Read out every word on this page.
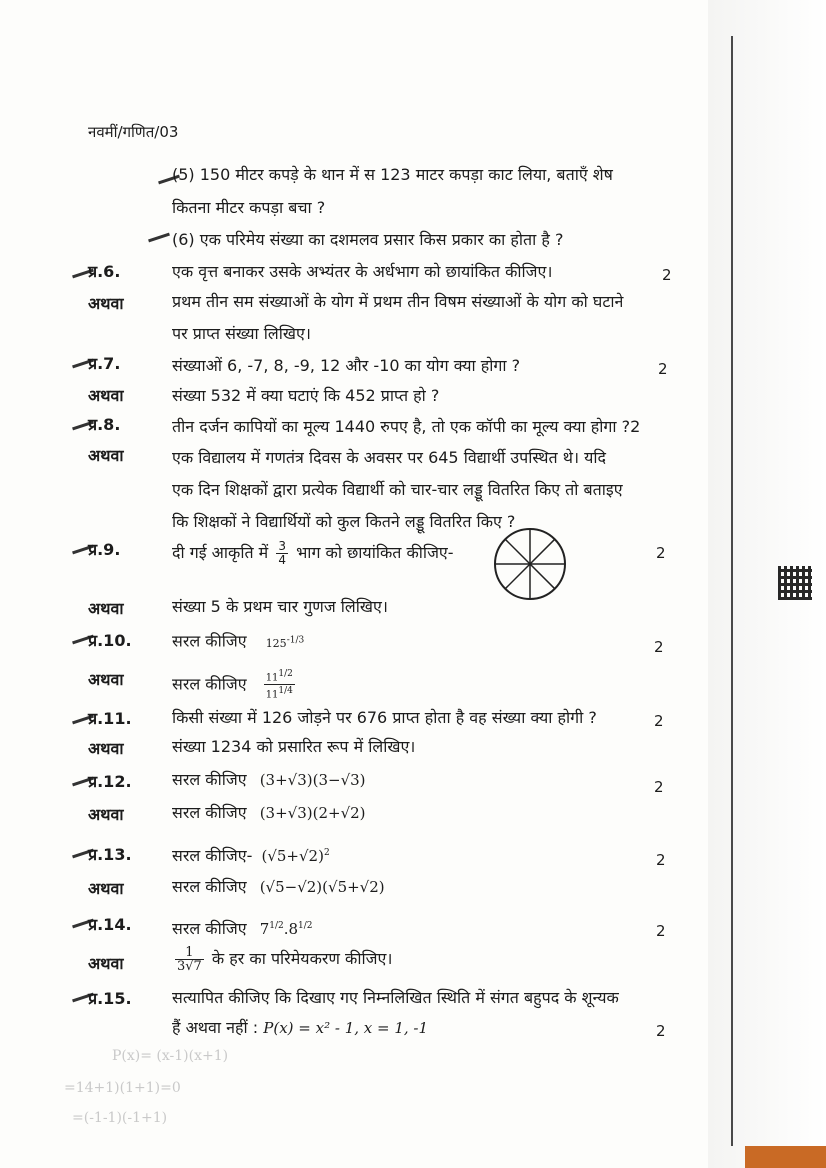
नवमीं/गणित/03
(5) 150 मीटर कपड़े के थान में स 123 माटर कपड़ा काट लिया, बताएँ शेष
कितना मीटर कपड़ा बचा ?
(6) एक परिमेय संख्या का दशमलव प्रसार किस प्रकार का होता है ?
प्र.6.	एक वृत्त बनाकर उसके अभ्यंतर के अर्धभाग को छायांकित कीजिए।	2
अथवा	प्रथम तीन सम संख्याओं के योग में प्रथम तीन विषम संख्याओं के योग को घटाने
पर प्राप्त संख्या लिखिए।
प्र.7.	संख्याओं 6, -7, 8, -9, 12 और -10 का योग क्या होगा ?	2
अथवा	संख्या 532 में क्या घटाएं कि 452 प्राप्त हो ?
प्र.8.	तीन दर्जन कापियों का मूल्य 1440 रुपए है, तो एक कॉपी का मूल्य क्या होगा ?2
अथवा	एक विद्यालय में गणतंत्र दिवस के अवसर पर 645 विद्यार्थी उपस्थित थे। यदि
एक दिन शिक्षकों द्वारा प्रत्येक विद्यार्थी को चार-चार लड्डू वितरित किए तो बताइए
कि शिक्षकों ने विद्यार्थियों को कुल कितने लड्डू वितरित किए ?
प्र.9.	दी गई आकृति में $\frac{3}{4}$ भाग को छायांकित कीजिए-	2
अथवा	संख्या 5 के प्रथम चार गुणज लिखिए।
प्र.10.	सरल कीजिए $125^{-1/3}$	2
अथवा	सरल कीजिए $\frac{11^{1/2}}{11^{1/4}}$
प्र.11.	किसी संख्या में 126 जोड़ने पर 676 प्राप्त होता है वह संख्या क्या होगी ?	2
अथवा	संख्या 1234 को प्रसारित रूप में लिखिए।
प्र.12.	सरल कीजिए (3+√3)(3−√3)	2
अथवा	सरल कीजिए (3+√3)(2+√2)
प्र.13.	सरल कीजिए- $(√5+√2)^2$	2
अथवा	सरल कीजिए (√5−√2)(√5+√2)
प्र.14.	सरल कीजिए $7^{1/2}.8^{1/2}$	2
अथवा	$\frac{1}{3√7}$ के हर का परिमेयकरण कीजिए।
प्र.15.	सत्यापित कीजिए कि दिखाए गए निम्नलिखित स्थिति में संगत बहुपद के शून्यक
हैं अथवा नहीं : P(x) = x² - 1, x = 1, -1	2
P(x)= (x-1)(x+1)
=14+1)(1+1)=0
=(-1-1)(-1+1)
